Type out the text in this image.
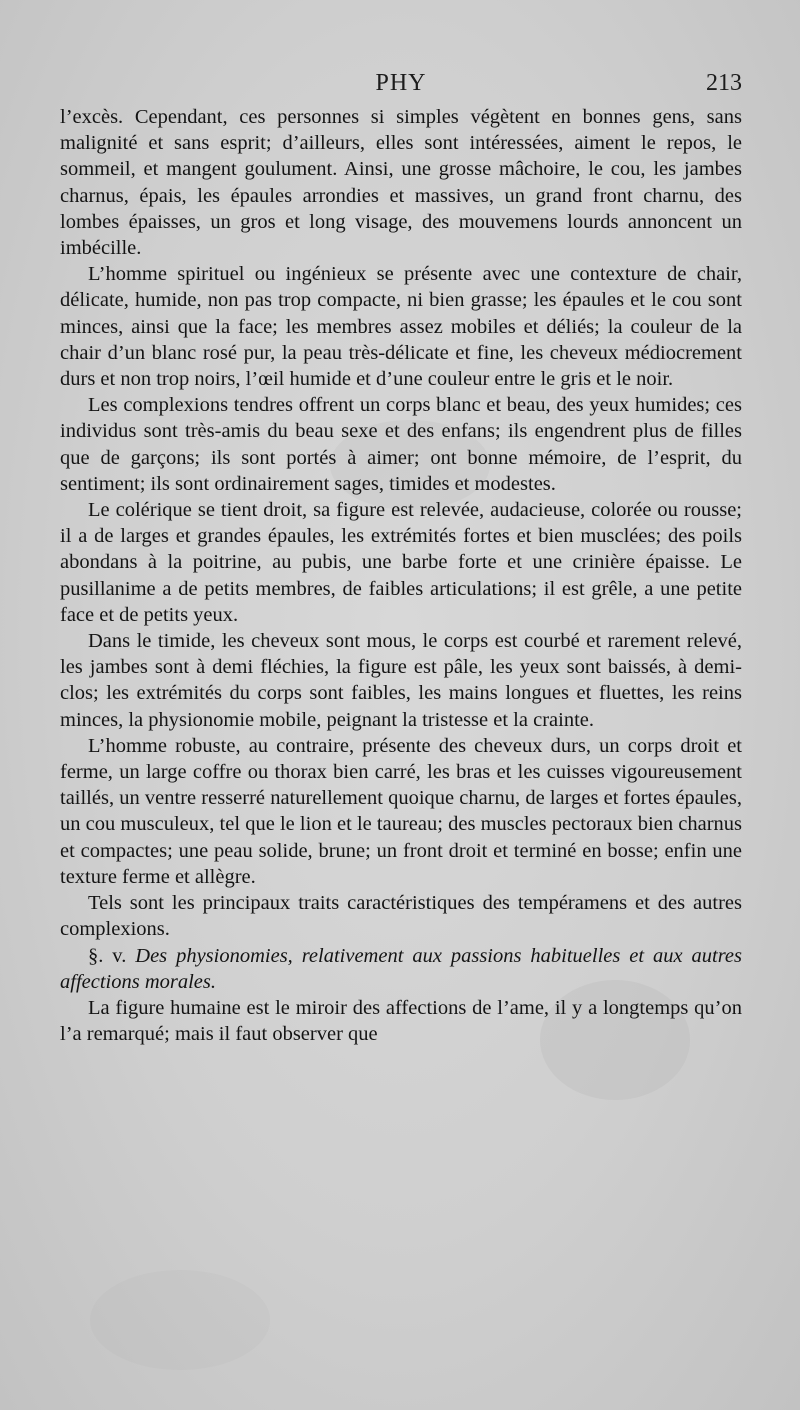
PHY	213

l’excès. Cependant, ces personnes si simples végètent en bonnes gens, sans malignité et sans esprit; d’ailleurs, elles sont intéressées, aiment le repos, le sommeil, et mangent goulument. Ainsi, une grosse mâchoire, le cou, les jambes charnus, épais, les épaules arrondies et massives, un grand front charnu, des lombes épaisses, un gros et long visage, des mouvemens lourds annoncent un imbécille.

L’homme spirituel ou ingénieux se présente avec une contexture de chair, délicate, humide, non pas trop compacte, ni bien grasse; les épaules et le cou sont minces, ainsi que la face; les membres assez mobiles et déliés; la couleur de la chair d’un blanc rosé pur, la peau très-délicate et fine, les cheveux médiocrement durs et non trop noirs, l’œil humide et d’une couleur entre le gris et le noir.

Les complexions tendres offrent un corps blanc et beau, des yeux humides; ces individus sont très-amis du beau sexe et des enfans; ils engendrent plus de filles que de garçons; ils sont portés à aimer; ont bonne mémoire, de l’esprit, du sentiment; ils sont ordinairement sages, timides et modestes.

Le colérique se tient droit, sa figure est relevée, audacieuse, colorée ou rousse; il a de larges et grandes épaules, les extrémités fortes et bien musclées; des poils abondans à la poitrine, au pubis, une barbe forte et une crinière épaisse. Le pusillanime a de petits membres, de faibles articulations; il est grêle, a une petite face et de petits yeux.

Dans le timide, les cheveux sont mous, le corps est courbé et rarement relevé, les jambes sont à demi fléchies, la figure est pâle, les yeux sont baissés, à demi-clos; les extrémités du corps sont faibles, les mains longues et fluettes, les reins minces, la physionomie mobile, peignant la tristesse et la crainte.

L’homme robuste, au contraire, présente des cheveux durs, un corps droit et ferme, un large coffre ou thorax bien carré, les bras et les cuisses vigoureusement taillés, un ventre resserré naturellement quoique charnu, de larges et fortes épaules, un cou musculeux, tel que le lion et le taureau; des muscles pectoraux bien charnus et compactes; une peau solide, brune; un front droit et terminé en bosse; enfin une texture ferme et allègre.

Tels sont les principaux traits caractéristiques des tempéramens et des autres complexions.

§. v. Des physionomies, relativement aux passions habituelles et aux autres affections morales.

La figure humaine est le miroir des affections de l’ame, il y a longtemps qu’on l’a remarqué; mais il faut observer que
